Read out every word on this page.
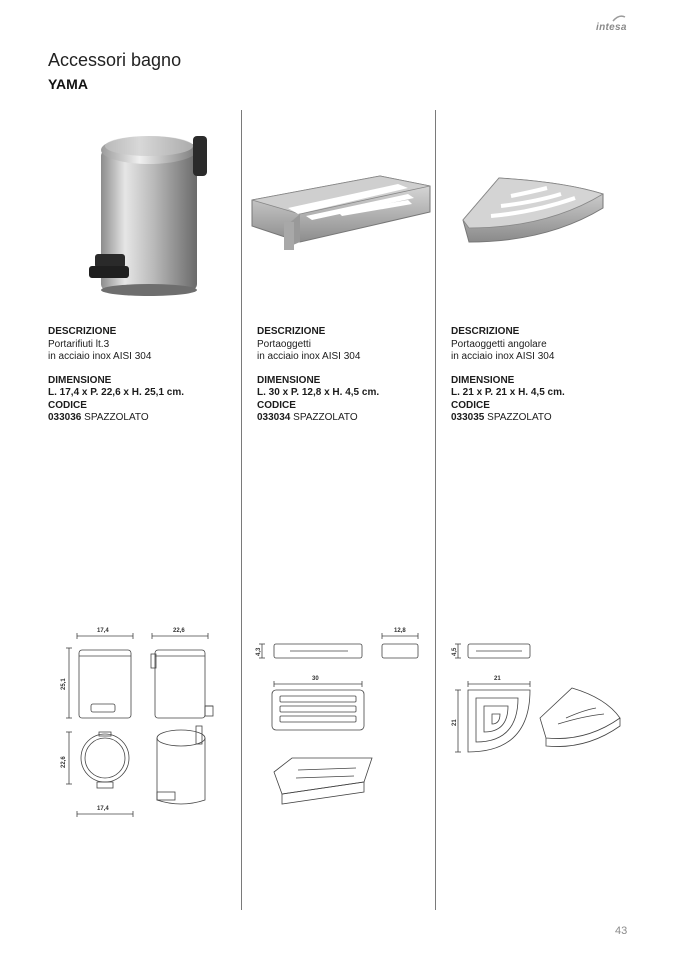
intesa
Accessori bagno
YAMA
DESCRIZIONE
Portarifiuti lt.3
in acciaio inox AISI 304
DIMENSIONE
L. 17,4 x P. 22,6 x H. 25,1 cm.
CODICE
033036 SPAZZOLATO
DESCRIZIONE
Portaoggetti
in acciaio inox AISI 304
DIMENSIONE
L. 30 x P. 12,8 x H. 4,5 cm.
CODICE
033034 SPAZZOLATO
DESCRIZIONE
Portaoggetti angolare
in acciaio inox AISI 304
DIMENSIONE
L. 21 x P. 21 x H. 4,5 cm.
CODICE
033035 SPAZZOLATO
17,4	22,6
25,1
22,6
17,4
4,3
12,8
30
4,5
21
21
43
